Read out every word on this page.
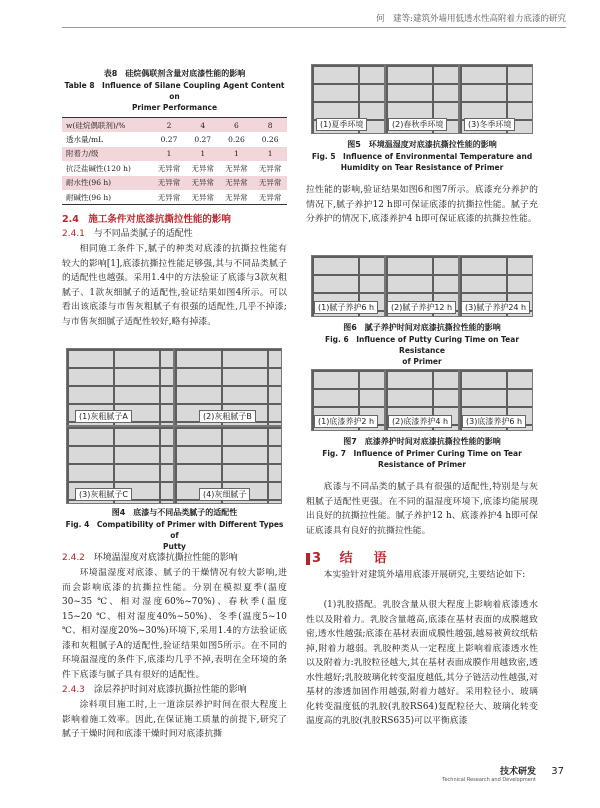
何　建等:建筑外墙用低透水性高附着力底漆的研究
表8　硅烷偶联剂含量对底漆性能的影响
Table 8　Influence of Silane Coupling Agent Content on
Primer Performance
w(硅烷偶联剂)/%	2	4	6	8
透水量/mL	0.27	0.27	0.26	0.26
附着力/级	1	1	1	1
抗泛盐碱性(120 h)	无异常	无异常	无异常	无异常
耐水性(96 h)	无异常	无异常	无异常	无异常
耐碱性(96 h)	无异常	无异常	无异常	无异常
2.4　施工条件对底漆抗撕拉性能的影响
2.4.1 与不同品类腻子的适配性
相同施工条件下,腻子的种类对底漆的抗撕拉性能有较大的影响[1],底漆抗撕拉性能足够强,其与不同品类腻子的适配性也越强。采用1.4中的方法验证了底漆与3款灰粗腻子、1款灰细腻子的适配性,验证结果如图4所示。可以看出该底漆与市售灰粗腻子有很强的适配性,几乎不掉漆;与市售灰细腻子适配性较好,略有掉漆。
(1)灰粗腻子A	(2)灰粗腻子B
(3)灰粗腻子C	(4)灰细腻子
图4　底漆与不同品类腻子的适配性
Fig. 4　Compatibility of Primer with Different Types of
Putty
2.4.2 环境温湿度对底漆抗撕拉性能的影响
环境温湿度对底漆、腻子的干燥情况有较大影响,进而会影响底漆的抗撕拉性能。分别在模拟夏季(温度30~35 ℃、相对湿度60%~70%)、春秋季(温度15~20 ℃、相对湿度40%~50%)、冬季(温度5~10 ℃、相对湿度20%~30%)环境下,采用1.4的方法验证底漆和灰粗腻子A的适配性,验证结果如图5所示。在不同的环境温湿度的条件下,底漆均几乎不掉,表明在全环境的条件下底漆与腻子具有很好的适配性。
2.4.3 涂层养护时间对底漆抗撕拉性能的影响
涂料项目施工时,上一道涂层养护时间在很大程度上影响着施工效率。因此,在保证施工质量的前提下,研究了腻子干燥时间和底漆干燥时间对底漆抗撕
(1)夏季环境	(2)春秋季环境	(3)冬季环境
图5　环境温湿度对底漆抗撕拉性能的影响
Fig. 5　Influence of Environmental Temperature and
Humidity on Tear Resistance of Primer
拉性能的影响,验证结果如图6和图7所示。底漆充分养护的情况下,腻子养护12 h即可保证底漆的抗撕拉性能。腻子充分养护的情况下,底漆养护4 h即可保证底漆的抗撕拉性能。
(1)腻子养护6 h	(2)腻子养护12 h	(3)腻子养护24 h
图6　腻子养护时间对底漆抗撕拉性能的影响
Fig. 6　Influence of Putty Curing Time on Tear Resistance
of Primer
(1)底漆养护2 h	(2)底漆养护4 h	(3)底漆养护6 h
图7　底漆养护时间对底漆抗撕拉性能的影响
Fig. 7　Influence of Primer Curing Time on Tear
Resistance of Primer
底漆与不同品类的腻子具有很强的适配性,特别是与灰粗腻子适配性更强。在不同的温湿度环境下,底漆均能展现出良好的抗撕拉性能。腻子养护12 h、底漆养护4 h即可保证底漆具有良好的抗撕拉性能。
3 结　语
本实验针对建筑外墙用底漆开展研究,主要结论如下:
(1)乳胶搭配。乳胶含量从很大程度上影响着底漆透水性以及附着力。乳胶含量越高,底漆在基材表面的成膜越致密,透水性越强;底漆在基材表面成膜性越强,越易被黄纹纸粘掉,附着力越弱。乳胶种类从一定程度上影响着底漆透水性以及附着力:乳胶粒径越大,其在基材表面成膜作用越致密,透水性越好;乳胶玻璃化转变温度越低,其分子链活动性越强,对基材的渗透加固作用越强,附着力越好。采用粒径小、玻璃化转变温度低的乳胶(乳胶RS64)复配粒径大、玻璃化转变温度高的乳胶(乳胶RS635)可以平衡底漆
技术研发
Technical Research and Development
37
